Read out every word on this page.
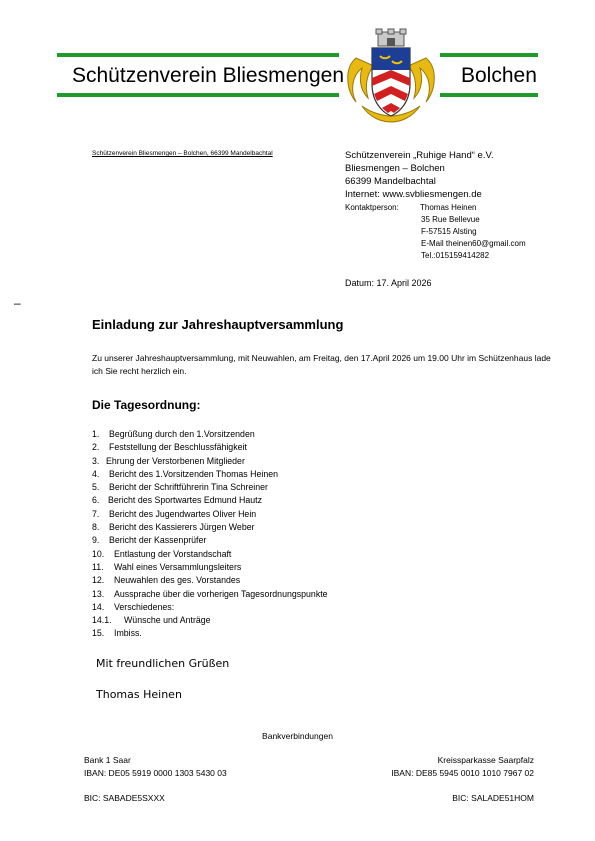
Schützenverein Bliesmengen	Bolchen
Schützenverein Bliesmengen – Bolchen, 66399 Mandelbachtal	Schützenverein „Ruhige Hand“ e.V.
Bliesmengen – Bolchen
66399 Mandelbachtal
Internet: www.svbliesmengen.de
Kontaktperson:	Thomas Heinen
35 Rue Bellevue
F-57515 Alsting
E-Mail theinen60@gmail.com
Tel.:015159414282
Datum: 17. April 2026
–
Einladung zur Jahreshauptversammlung
Zu unserer Jahreshauptversammlung, mit Neuwahlen, am Freitag, den 17.April 2026 um 19.00 Uhr im Schützenhaus lade ich Sie recht herzlich ein.
Die Tagesordnung:
1.	Begrüßung durch den 1.Vorsitzenden
2.	Feststellung der Beschlussfähigkeit
3. Ehrung der Verstorbenen Mitglieder
4.	Bericht des 1.Vorsitzenden Thomas Heinen
5.	Bericht der Schriftführerin Tina Schreiner
6. Bericht des Sportwartes Edmund Hautz
7.	Bericht des Jugendwartes Oliver Hein
8.	Bericht des Kassierers Jürgen Weber
9.	Bericht der Kassenprüfer
10.	Entlastung der Vorstandschaft
11.	Wahl eines Versammlungsleiters
12.	Neuwahlen des ges. Vorstandes
13.	Aussprache über die vorherigen Tagesordnungspunkte
14.	Verschiedenes:
14.1.	Wünsche und Anträge
15.	Imbiss.
Mit freundlichen Grüßen
Thomas Heinen
Bankverbindungen
Bank 1 Saar
IBAN: DE05 5919 0000 1303 5430 03
BIC: SABADE5SXXX
Kreissparkasse Saarpfalz
IBAN: DE85 5945 0010 1010 7967 02
BIC: SALADE51HOM
